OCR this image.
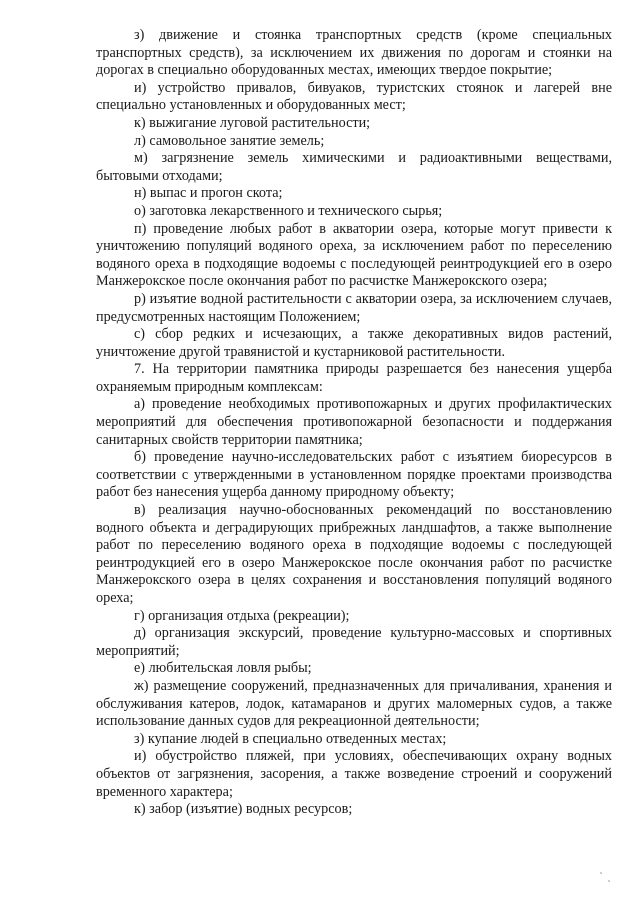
з) движение и стоянка транспортных средств (кроме специальных транспортных средств), за исключением их движения по дорогам и стоянки на дорогах в специально оборудованных местах, имеющих твердое покрытие;

и) устройство привалов, бивуаков, туристских стоянок и лагерей вне специально установленных и оборудованных мест;

к) выжигание луговой растительности;

л) самовольное занятие земель;

м) загрязнение земель химическими и радиоактивными веществами, бытовыми отходами;

н) выпас и прогон скота;

о) заготовка лекарственного и технического сырья;

п) проведение любых работ в акватории озера, которые могут привести к уничтожению популяций водяного ореха, за исключением работ по переселению водяного ореха в подходящие водоемы с последующей реинтродукцией его в озеро Манжерокское после окончания работ по расчистке Манжерокского озера;

р) изъятие водной растительности с акватории озера, за исключением случаев, предусмотренных настоящим Положением;

с) сбор редких и исчезающих, а также декоративных видов растений, уничтожение другой травянистой и кустарниковой растительности.

7. На территории памятника природы разрешается без нанесения ущерба охраняемым природным комплексам:

а) проведение необходимых противопожарных и других профилактических мероприятий для обеспечения противопожарной безопасности и поддержания санитарных свойств территории памятника;

б) проведение научно-исследовательских работ с изъятием биоресурсов в соответствии с утвержденными в установленном порядке проектами производства работ без нанесения ущерба данному природному объекту;

в) реализация научно-обоснованных рекомендаций по восстановлению водного объекта и деградирующих прибрежных ландшафтов, а также выполнение работ по переселению водяного ореха в подходящие водоемы с последующей реинтродукцией его в озеро Манжерокское после окончания работ по расчистке Манжерокского озера в целях сохранения и восстановления популяций водяного ореха;

г) организация отдыха (рекреации);

д) организация экскурсий, проведение культурно-массовых и спортивных мероприятий;

е) любительская ловля рыбы;

ж) размещение сооружений, предназначенных для причаливания, хранения и обслуживания катеров, лодок, катамаранов и других маломерных судов, а также использование данных судов для рекреационной деятельности;

з) купание людей в специально отведенных местах;

и) обустройство пляжей, при условиях, обеспечивающих охрану водных объектов от загрязнения, засорения, а также возведение строений и сооружений временного характера;

к) забор (изъятие) водных ресурсов;
